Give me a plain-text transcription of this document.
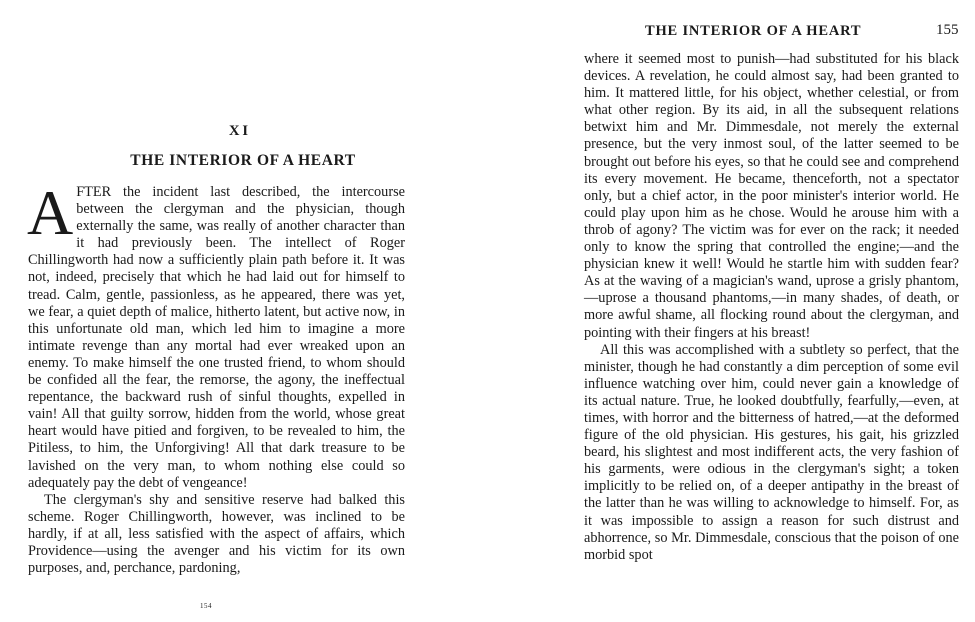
XI
THE INTERIOR OF A HEART

AFTER the incident last described, the intercourse between the clergyman and the physician, though externally the same, was really of another character than it had previously been. The intellect of Roger Chillingworth had now a sufficiently plain path before it. It was not, indeed, precisely that which he had laid out for himself to tread. Calm, gentle, passionless, as he appeared, there was yet, we fear, a quiet depth of malice, hitherto latent, but active now, in this unfortunate old man, which led him to imagine a more intimate revenge than any mortal had ever wreaked upon an enemy. To make himself the one trusted friend, to whom should be confided all the fear, the remorse, the agony, the ineffectual repentance, the backward rush of sinful thoughts, expelled in vain! All that guilty sorrow, hidden from the world, whose great heart would have pitied and forgiven, to be revealed to him, the Pitiless, to him, the Unforgiving! All that dark treasure to be lavished on the very man, to whom nothing else could so adequately pay the debt of vengeance!

The clergyman's shy and sensitive reserve had balked this scheme. Roger Chillingworth, however, was inclined to be hardly, if at all, less satisfied with the aspect of affairs, which Providence—using the avenger and his victim for its own purposes, and, perchance, pardoning,

154
THE INTERIOR OF A HEART	155

where it seemed most to punish—had substituted for his black devices. A revelation, he could almost say, had been granted to him. It mattered little, for his object, whether celestial, or from what other region. By its aid, in all the subsequent relations betwixt him and Mr. Dimmesdale, not merely the external presence, but the very inmost soul, of the latter seemed to be brought out before his eyes, so that he could see and comprehend its every movement. He became, thenceforth, not a spectator only, but a chief actor, in the poor minister's interior world. He could play upon him as he chose. Would he arouse him with a throb of agony? The victim was for ever on the rack; it needed only to know the spring that controlled the engine;—and the physician knew it well! Would he startle him with sudden fear? As at the waving of a magician's wand, uprose a grisly phantom,—uprose a thousand phantoms,—in many shades, of death, or more awful shame, all flocking round about the clergyman, and pointing with their fingers at his breast!

All this was accomplished with a subtlety so perfect, that the minister, though he had constantly a dim perception of some evil influence watching over him, could never gain a knowledge of its actual nature. True, he looked doubtfully, fearfully,—even, at times, with horror and the bitterness of hatred,—at the deformed figure of the old physician. His gestures, his gait, his grizzled beard, his slightest and most indifferent acts, the very fashion of his garments, were odious in the clergyman's sight; a token implicitly to be relied on, of a deeper antipathy in the breast of the latter than he was willing to acknowledge to himself. For, as it was impossible to assign a reason for such distrust and abhorrence, so Mr. Dimmesdale, conscious that the poison of one morbid spot
